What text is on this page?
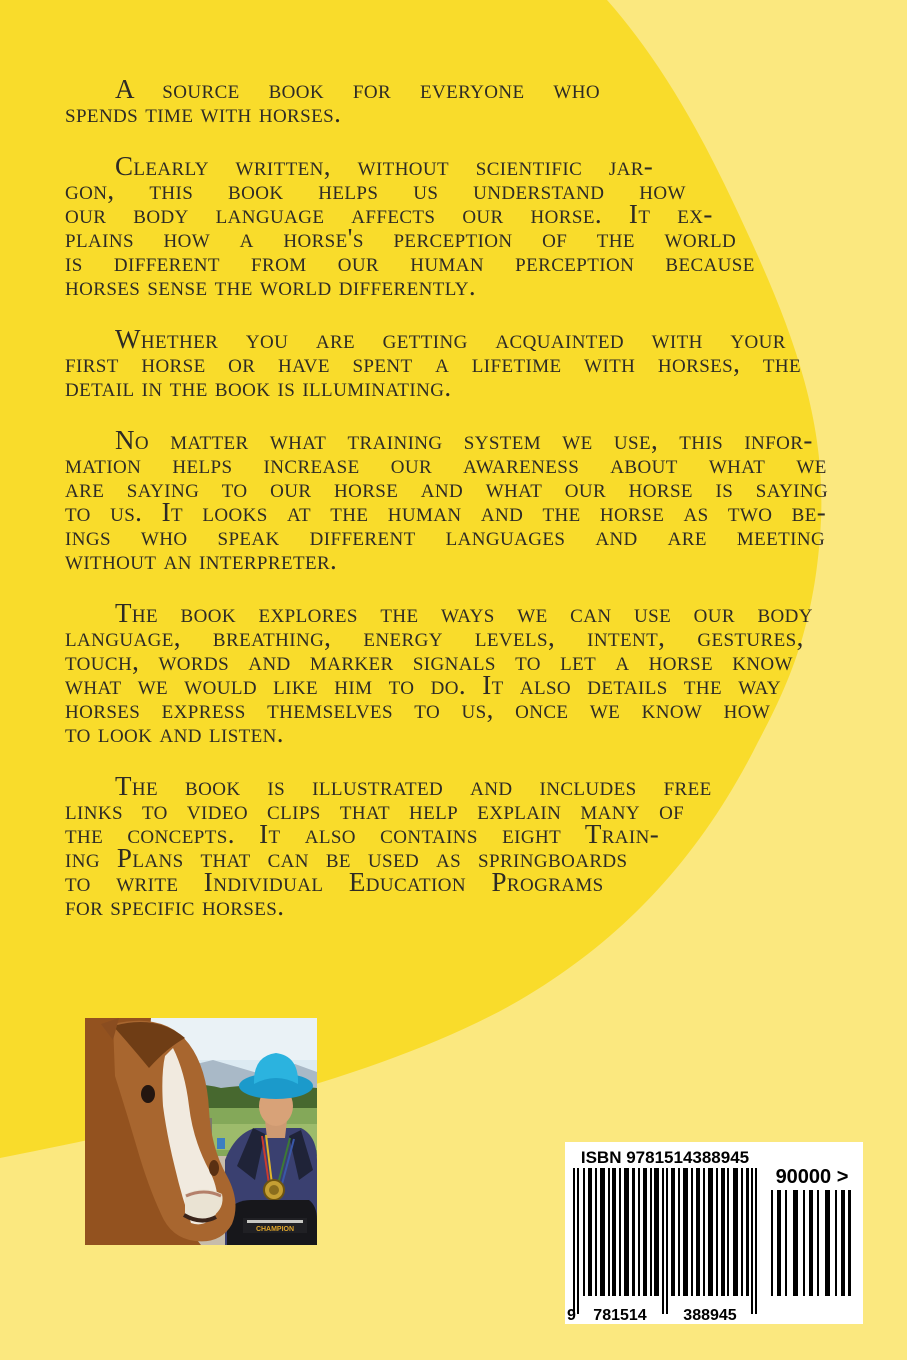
A source book for everyone who
spends time with horses.

Clearly written, without scientific jar-
gon, this book helps us understand how
our body language affects our horse. It ex-
plains how a horse's perception of the world
is different from our human perception because
horses sense the world differently.

Whether you are getting acquainted with your
first horse or have spent a lifetime with horses, the
detail in the book is illuminating.

No matter what training system we use, this infor-
mation helps increase our awareness about what we
are saying to our horse and what our horse is saying
to us. It looks at the human and the horse as two be-
ings who speak different languages and are meeting
without an interpreter.

The book explores the ways we can use our body
language, breathing, energy levels, intent, gestures,
touch, words and marker signals to let a horse know
what we would like him to do. It also details the way
horses express themselves to us, once we know how
to look and listen.

The book is illustrated and includes free
links to video clips that help explain many of
the concepts. It also contains eight Train-
ing Plans that can be used as springboards
to write Individual Education Programs
for specific horses.

CHAMPION
ISBN 9781514388945
90000 >
9 781514 388945
